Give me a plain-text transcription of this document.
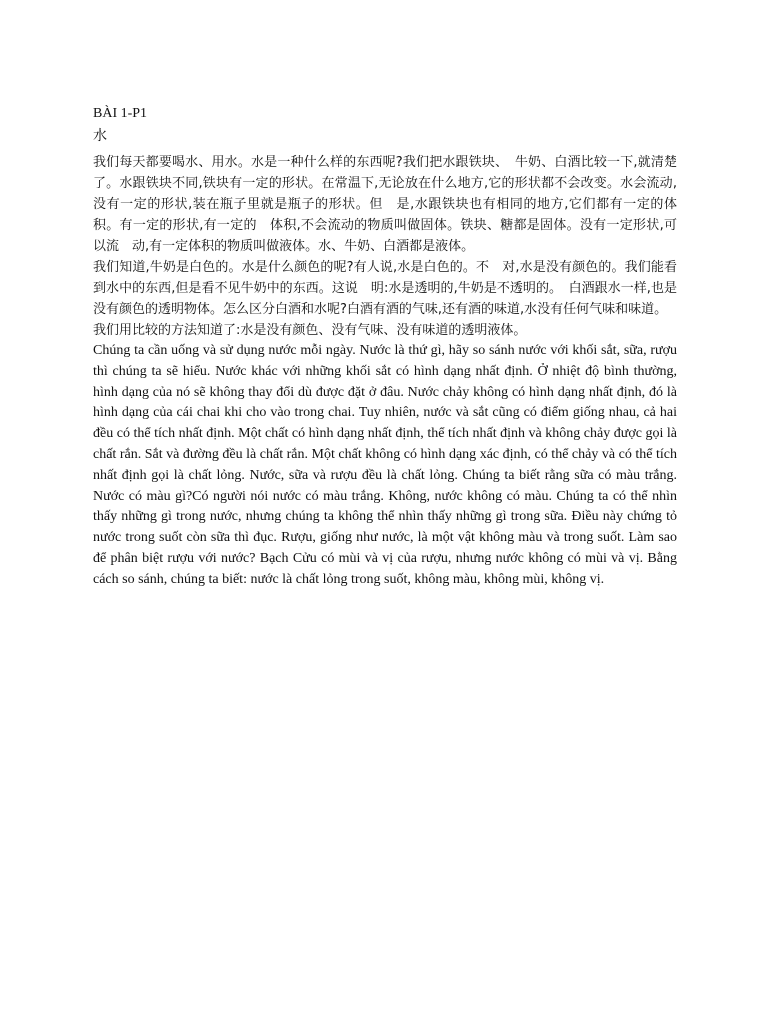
BÀI 1-P1

水

我们每天都要喝水、用水。水是一种什么样的东西呢?我们把水跟铁块、　牛奶、白酒比较一下,就清楚了。水跟铁块不同,铁块有一定的形状。在常温下,无论放在什么地方,它的形状都不会改变。水会流动,没有一定的形状,装在瓶子里就是瓶子的形状。但　是,水跟铁块也有相同的地方,它们都有一定的体积。有一定的形状,有一定的　体积,不会流动的物质叫做固体。铁块、糖都是固体。没有一定形状,可以流　动,有一定体积的物质叫做液体。水、牛奶、白酒都是液体。

我们知道,牛奶是白色的。水是什么颜色的呢?有人说,水是白色的。不　对,水是没有颜色的。我们能看到水中的东西,但是看不见牛奶中的东西。这说　明:水是透明的,牛奶是不透明的。　白酒跟水一样,也是没有颜色的透明物体。怎么区分白酒和水呢?白酒有酒的气味,还有酒的味道,水没有任何气味和味道。

我们用比较的方法知道了:水是没有颜色、没有气味、没有味道的透明液体。

Chúng ta cần uống và sử dụng nước mỗi ngày. Nước là thứ gì, hãy so sánh nước với khối sắt, sữa, rượu thì chúng ta sẽ hiểu. Nước khác với những khối sắt có hình dạng nhất định. Ở nhiệt độ bình thường, hình dạng của nó sẽ không thay đổi dù được đặt ở đâu. Nước chảy không có hình dạng nhất định, đó là hình dạng của cái chai khi cho vào trong chai. Tuy nhiên, nước và sắt cũng có điểm giống nhau, cả hai đều có thể tích nhất định. Một chất có hình dạng nhất định, thể tích nhất định và không chảy được gọi là chất rắn. Sắt và đường đều là chất rắn. Một chất không có hình dạng xác định, có thể chảy và có thể tích nhất định gọi là chất lỏng. Nước, sữa và rượu đều là chất lỏng. Chúng ta biết rằng sữa có màu trắng. Nước có màu gì?Có người nói nước có màu trắng. Không, nước không có màu. Chúng ta có thể nhìn thấy những gì trong nước, nhưng chúng ta không thể nhìn thấy những gì trong sữa. Điều này chứng tỏ nước trong suốt còn sữa thì đục. Rượu, giống như nước, là một vật không màu và trong suốt. Làm sao để phân biệt rượu với nước? Bạch Cửu có mùi và vị của rượu, nhưng nước không có mùi và vị. Bằng cách so sánh, chúng ta biết: nước là chất lỏng trong suốt, không màu, không mùi, không vị.
